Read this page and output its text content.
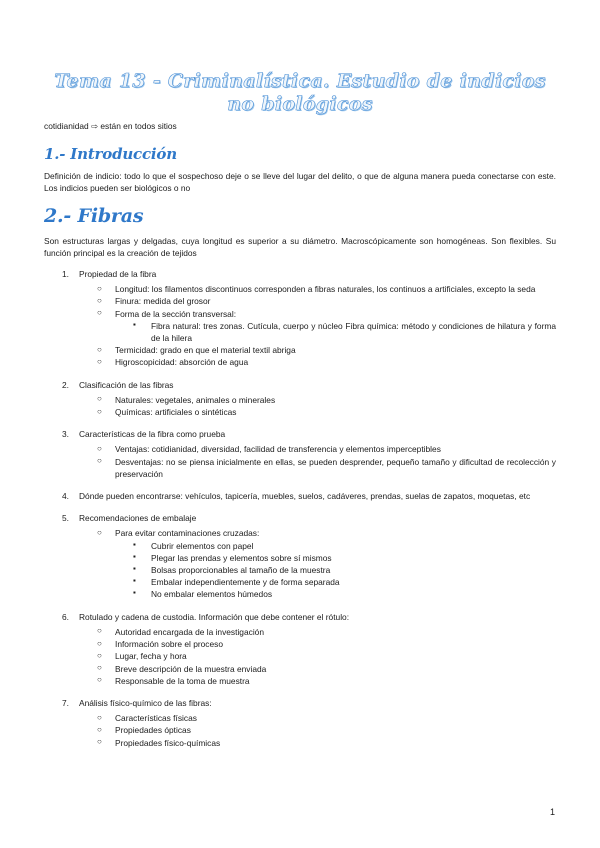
Tema 13 - Criminalística. Estudio de indicios no biológicos
cotidianidad ⇨ están en todos sitios
1.- Introducción

Definición de indicio: todo lo que el sospechoso deje o se lleve del lugar del delito, o que de alguna manera pueda conectarse con este. Los indicios pueden ser biológicos o no

2.- Fibras

Son estructuras largas y delgadas, cuya longitud es superior a su diámetro. Macroscópicamente son homogéneas. Son flexibles. Su función principal es la creación de tejidos

1. Propiedad de la fibra
○ Longitud: los filamentos discontinuos corresponden a fibras naturales, los continuos a artificiales, excepto la seda
○ Finura: medida del grosor
○ Forma de la sección transversal:
▪ Fibra natural: tres zonas. Cutícula, cuerpo y núcleo Fibra química: método y condiciones de hilatura y forma de la hilera
○ Termicidad: grado en que el material textil abriga
○ Higroscopicidad: absorción de agua
2. Clasificación de las fibras
○ Naturales: vegetales, animales o minerales
○ Químicas: artificiales o sintéticas
3. Características de la fibra como prueba
○ Ventajas: cotidianidad, diversidad, facilidad de transferencia y elementos imperceptibles
○ Desventajas: no se piensa inicialmente en ellas, se pueden desprender, pequeño tamaño y dificultad de recolección y preservación
4. Dónde pueden encontrarse: vehículos, tapicería, muebles, suelos, cadáveres, prendas, suelas de zapatos, moquetas, etc
5. Recomendaciones de embalaje
○ Para evitar contaminaciones cruzadas:
▪ Cubrir elementos con papel
▪ Plegar las prendas y elementos sobre sí mismos
▪ Bolsas proporcionables al tamaño de la muestra
▪ Embalar independientemente y de forma separada
▪ No embalar elementos húmedos
6. Rotulado y cadena de custodia. Información que debe contener el rótulo:
○ Autoridad encargada de la investigación
○ Información sobre el proceso
○ Lugar, fecha y hora
○ Breve descripción de la muestra enviada
○ Responsable de la toma de muestra
7. Análisis físico-químico de las fibras:
○ Características físicas
○ Propiedades ópticas
○ Propiedades físico-químicas
1
